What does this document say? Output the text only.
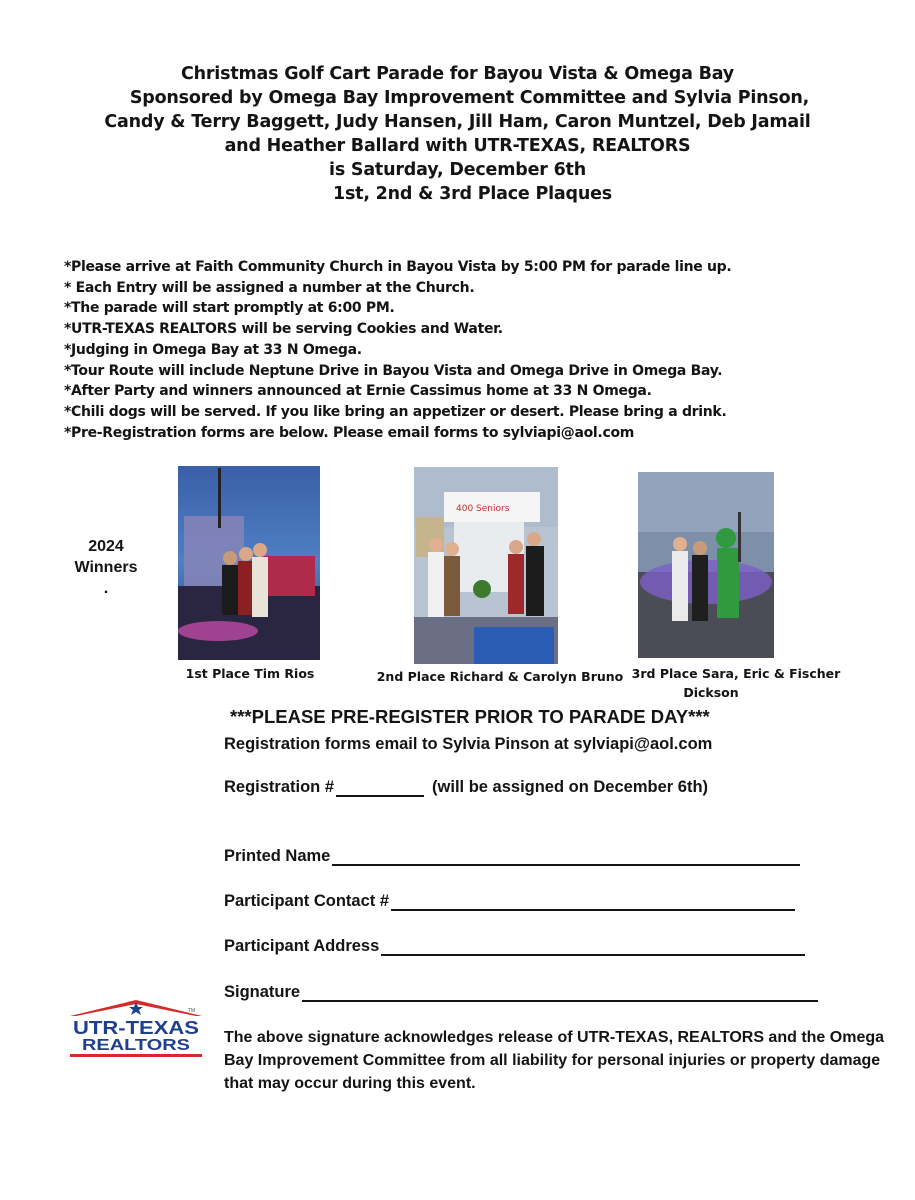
Christmas Golf Cart Parade for Bayou Vista & Omega Bay
Sponsored by Omega Bay Improvement Committee and Sylvia Pinson,
Candy & Terry Baggett, Judy Hansen, Jill Ham, Caron Muntzel, Deb Jamail
and Heather Ballard with UTR-TEXAS, REALTORS
is Saturday, December 6th
1st, 2nd & 3rd Place Plaques
*Please arrive at Faith Community Church in Bayou Vista by 5:00 PM for parade line up.
* Each Entry will be assigned a number at the Church.
*The parade will start promptly at 6:00 PM.
*UTR-TEXAS REALTORS will be serving Cookies and Water.
*Judging in Omega Bay at 33 N Omega.
*Tour Route will include Neptune Drive in Bayou Vista and Omega Drive in Omega Bay.
*After Party and winners announced at Ernie Cassimus home at 33 N Omega.
*Chili dogs will be served. If you like bring an appetizer or desert. Please bring a drink.
*Pre-Registration forms are below. Please email forms to sylviapi@aol.com
2024
Winners
.
400 Seniors
1st Place Tim Rios	2nd Place Richard & Carolyn Bruno 3rd Place Sara, Eric & Fischer
Dickson
***PLEASE PRE-REGISTER PRIOR TO PARADE DAY***
Registration forms email to Sylvia Pinson at sylviapi@aol.com
Registration #	(will be assigned on December 6th)
Printed Name
Participant Contact #
Participant Address
Signature
TM
UTR-TEXAS
REALTORS The above signature acknowledges release of UTR-TEXAS, REALTORS and the Omega Bay Improvement Committee from all liability for personal injuries or property damage that may occur during this event.
